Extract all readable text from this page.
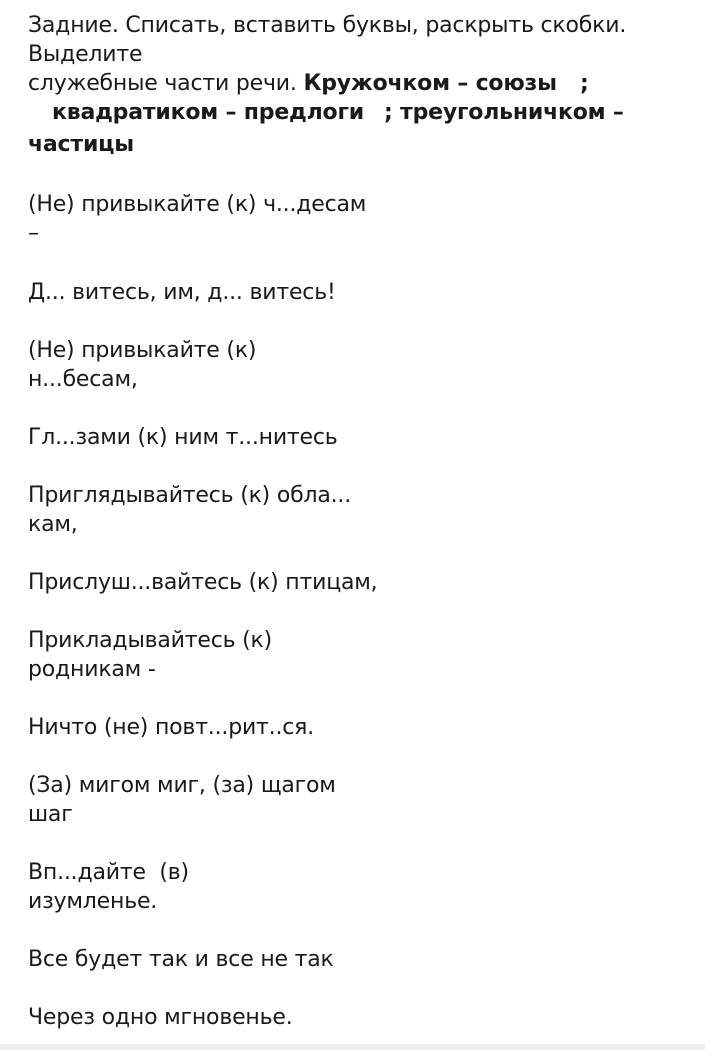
Задние. Списать, вставить буквы, раскрыть скобки.
Выделите
служебные части речи. Кружочком – союзы ;
квадратиком – предлоги ; треугольничком –
частицы
(Не) привыкайте (к) ч...десам
–
Д... витесь, им, д... витесь!
(Не) привыкайте (к)
н...бесам,
Гл...зами (к) ним т...нитесь
Приглядывайтесь (к) обла...
кам,
Прислуш...вайтесь (к) птицам,
Прикладывайтесь (к)
родникам -
Ничто (не) повт...рит..ся.
(За) мигом миг, (за) щагом
шаг
Вп...дайте  (в)
изумленье.
Все будет так и все не так
Через одно мгновенье.
